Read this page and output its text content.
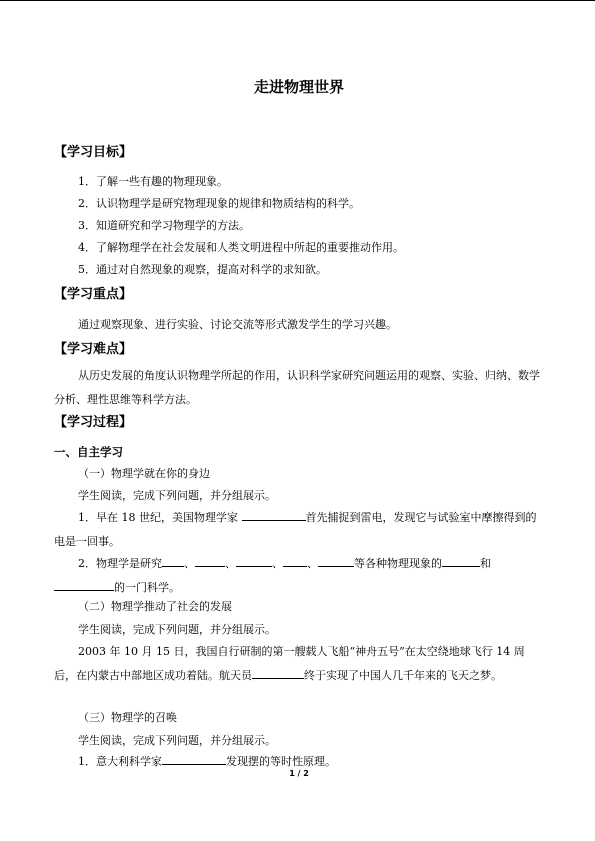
走进物理世界
【学习目标】
1．了解一些有趣的物理现象。
2．认识物理学是研究物理现象的规律和物质结构的科学。
3．知道研究和学习物理学的方法。
4．了解物理学在社会发展和人类文明进程中所起的重要推动作用。
5．通过对自然现象的观察，提高对科学的求知欲。
【学习重点】
通过观察现象、进行实验、讨论交流等形式激发学生的学习兴趣。
【学习难点】
从历史发展的角度认识物理学所起的作用，认识科学家研究问题运用的观察、实验、归纳、数学分析、理性思维等科学方法。
【学习过程】
一、自主学习
（一）物理学就在你的身边
学生阅读，完成下列问题，并分组展示。
1．早在 18 世纪，美国物理学家	首先捕捉到雷电，发现它与试验室中摩擦得到的电是一回事。
2．物理学是研究 、	、	、 、	等各种物理现象的	和的一门科学。
（二）物理学推动了社会的发展
学生阅读，完成下列问题，并分组展示。
2003 年 10 月 15 日，我国自行研制的第一艘载人飞船“神舟五号”在太空绕地球飞行 14 周后，在内蒙古中部地区成功着陆。航天员	终于实现了中国人几千年来的飞天之梦。
（三）物理学的召唤
学生阅读，完成下列问题，并分组展示。
1．意大利科学家	发现摆的等时性原理。
1 / 2
